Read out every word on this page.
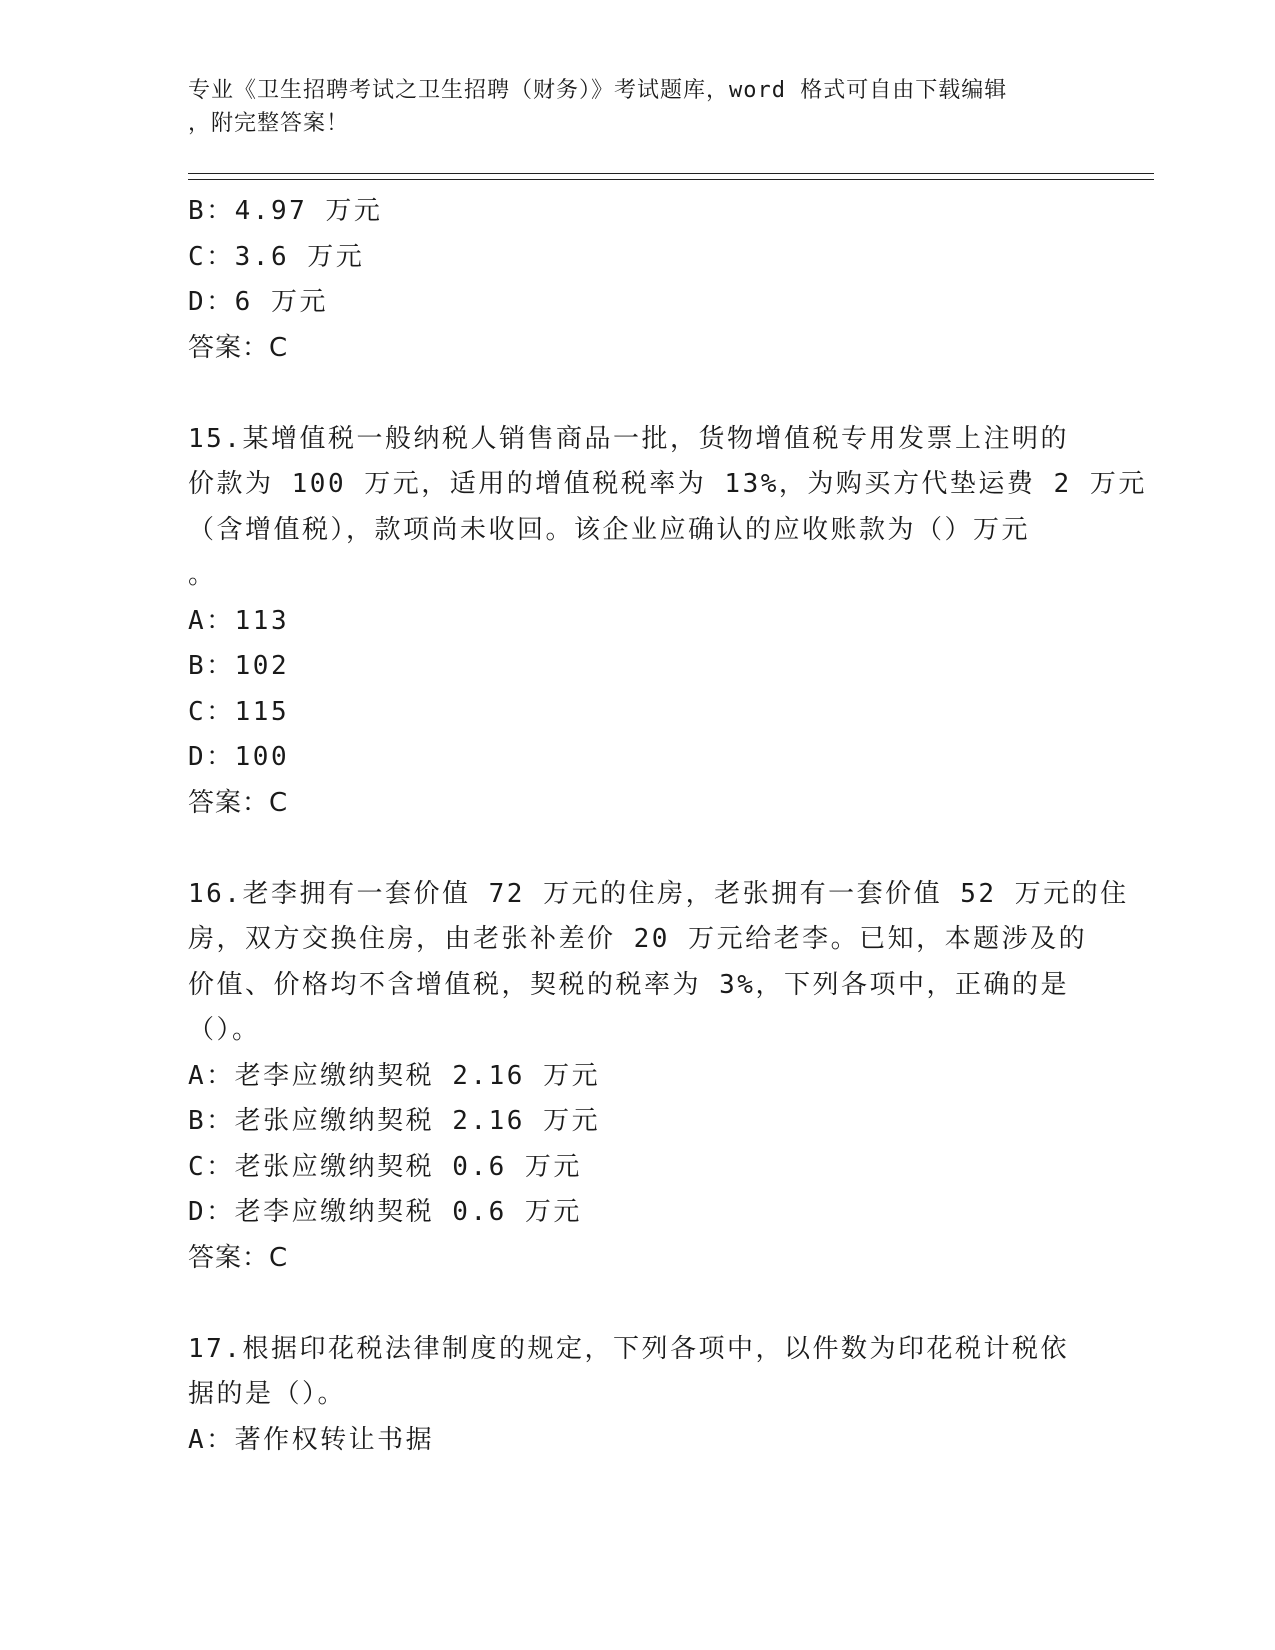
专业《卫生招聘考试之卫生招聘（财务）》考试题库，word 格式可自由下载编辑
，附完整答案！
B：4.97 万元
C：3.6 万元
D：6 万元
答案：C
15.某增值税一般纳税人销售商品一批，货物增值税专用发票上注明的
价款为 100 万元，适用的增值税税率为 13%，为购买方代垫运费 2 万元
（含增值税），款项尚未收回。该企业应确认的应收账款为（）万元
。
A：113
B：102
C：115
D：100
答案：C
16.老李拥有一套价值 72 万元的住房，老张拥有一套价值 52 万元的住
房，双方交换住房，由老张补差价 20 万元给老李。已知，本题涉及的
价值、价格均不含增值税，契税的税率为 3%，下列各项中，正确的是
（）。
A：老李应缴纳契税 2.16 万元
B：老张应缴纳契税 2.16 万元
C：老张应缴纳契税 0.6 万元
D：老李应缴纳契税 0.6 万元
答案：C
17.根据印花税法律制度的规定，下列各项中，以件数为印花税计税依
据的是（）。
A：著作权转让书据
